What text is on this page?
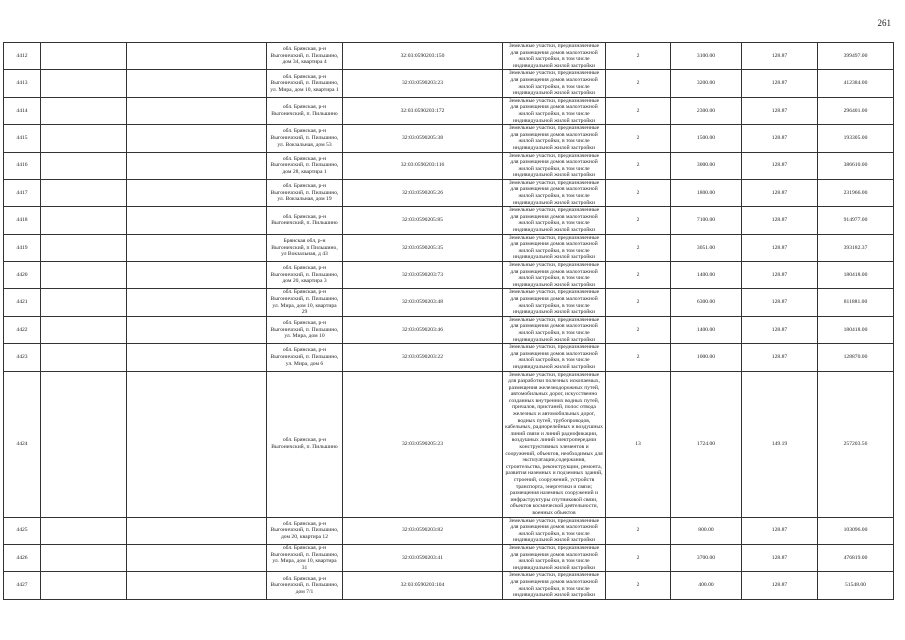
261
4412			обл. Брянская, р-н Выгоничский, п. Пильшино, дом 34, квартира 4	32:03:0590203:150	Земельные участки, предназначенные для размещения домов малоэтажной жилой застройки, в том числе индивидуальной жилой застройки	2	3100.00	128.87	399497.00
4413			обл. Брянская, р-н Выгоничский, п. Пильшино, ул. Мира, дом 10, квартира 1	32:03:0590203:23	Земельные участки, предназначенные для размещения домов малоэтажной жилой застройки, в том числе индивидуальной жилой застройки	2	3200.00	128.87	412384.00
4414			обл. Брянская, р-н Выгоничский, п. Пильшино	32:03:0590203:172	Земельные участки, предназначенные для размещения домов малоэтажной жилой застройки, в том числе индивидуальной жилой застройки	2	2300.00	128.87	296401.00
4415			обл. Брянская, р-н Выгоничский, п. Пильшино, ул. Вокзальная, дом 53	32:03:0590205:38	Земельные участки, предназначенные для размещения домов малоэтажной жилой застройки, в том числе индивидуальной жилой застройки	2	1500.00	128.87	193305.00
4416			обл. Брянская, р-н Выгоничский, п. Пильшино, дом 28, квартира 1	32:03:0590203:116	Земельные участки, предназначенные для размещения домов малоэтажной жилой застройки, в том числе индивидуальной жилой застройки	2	3000.00	128.87	386610.00
4417			обл. Брянская, р-н Выгоничский, п. Пильшино, ул. Вокзальная, дом 19	32:03:0590205:26	Земельные участки, предназначенные для размещения домов малоэтажной жилой застройки, в том числе индивидуальной жилой застройки	2	1800.00	128.87	231966.00
4418			обл. Брянская, р-н Выгоничский, п. Пильшино	32:03:0590205:85	Земельные участки, предназначенные для размещения домов малоэтажной жилой застройки, в том числе индивидуальной жилой застройки	2	7100.00	128.87	914977.00
4419			Брянская обл, р-н Выгоничский, п Пильшино, ул Вокзальная, д 43	32:03:0590205:35	Земельные участки, предназначенные для размещения домов малоэтажной жилой застройки, в том числе индивидуальной жилой застройки	2	3051.00	128.87	393182.37
4420			обл. Брянская, р-н Выгоничский, п. Пильшино, дом 20, квартира 3	32:03:0590203:73	Земельные участки, предназначенные для размещения домов малоэтажной жилой застройки, в том числе индивидуальной жилой застройки	2	1400.00	128.87	180418.00
4421			обл. Брянская, р-н Выгоничский, п. Пильшино, ул. Мира, дом 10, квартира 29	32:03:0590203:48	Земельные участки, предназначенные для размещения домов малоэтажной жилой застройки, в том числе индивидуальной жилой застройки	2	6300.00	128.87	811881.00
4422			обл. Брянская, р-н Выгоничский, п. Пильшино, ул. Мира, дом 10	32:03:0590203:46	Земельные участки, предназначенные для размещения домов малоэтажной жилой застройки, в том числе индивидуальной жилой застройки	2	1400.00	128.87	180418.00
4423			обл. Брянская, р-н Выгоничский, п. Пильшино, ул. Мира, дом 6	32:03:0590203:22	Земельные участки, предназначенные для размещения домов малоэтажной жилой застройки, в том числе индивидуальной жилой застройки	2	1000.00	128.87	128870.00
4424			обл. Брянская, р-н Выгоничский, п. Пильшино	32:03:0590205:23	Земельные участки, предназначенные для разработки полезных ископаемых, размещения железнодорожных путей, автомобильных дорог, искусственно созданных внутренних водных путей, причалов, пристаней, полос отвода железных и автомобильных дорог, водных путей, трубопроводов, кабельных, радиорелейных и воздушных линий связи и линий радиофикации, воздушных линий электропередачи конструктивных элементов и сооружений, объектов, необходимых для эксплуатации,содержания, строительства, реконструкции, ремонта, развития наземных и подземных зданий, строений, сооружений, устройств транспорта, энергетики и связи; размещения наземных сооружений и инфраструктуры спутниковой связи, объектов космической деятельности, военных объектов	13	1724.00	149.19	257203.56
4425			обл. Брянская, р-н Выгоничский, п. Пильшино, дом 20, квартира 12	32:03:0590203:82	Земельные участки, предназначенные для размещения домов малоэтажной жилой застройки, в том числе индивидуальной жилой застройки	2	800.00	128.87	103096.00
4426			обл. Брянская, р-н Выгоничский, п. Пильшино, ул. Мира, дом 10, квартира 31	32:03:0590203:41	Земельные участки, предназначенные для размещения домов малоэтажной жилой застройки, в том числе индивидуальной жилой застройки	2	3700.00	128.87	476819.00
4427			обл. Брянская, р-н Выгоничский, п. Пильшино, дом 7/1	32:03:0590203:104	Земельные участки, предназначенные для размещения домов малоэтажной жилой застройки, в том числе индивидуальной жилой застройки	2	400.00	128.87	51548.00
